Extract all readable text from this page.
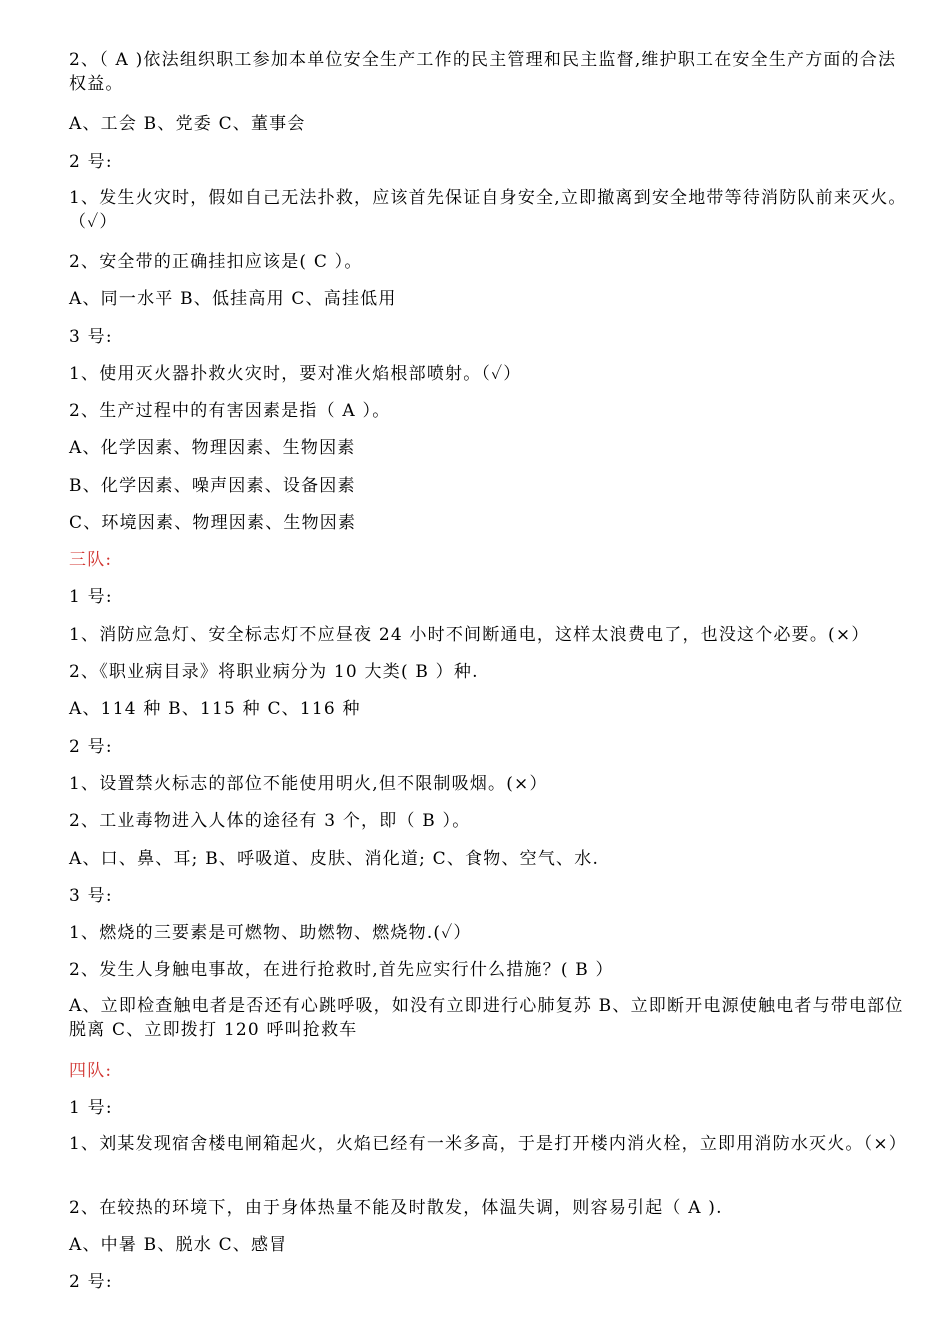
2、（ A )依法组织职工参加本单位安全生产工作的民主管理和民主监督,维护职工在安全生产方面的合法权益。
A、工会 B、党委 C、董事会
2 号:
1、发生火灾时，假如自己无法扑救，应该首先保证自身安全,立即撤离到安全地带等待消防队前来灭火。（✓）
2、安全带的正确挂扣应该是( C ）。
A、同一水平 B、低挂高用 C、高挂低用
3 号:
1、使用灭火器扑救火灾时，要对准火焰根部喷射。（✓）
2、生产过程中的有害因素是指（ A ）。
A、化学因素、物理因素、生物因素
B、化学因素、噪声因素、设备因素
C、环境因素、物理因素、生物因素
三队:
1 号:
1、消防应急灯、安全标志灯不应昼夜 24 小时不间断通电，这样太浪费电了，也没这个必要。(×）
2、《职业病目录》将职业病分为 10 大类( B ）种.
A、114 种 B、115 种 C、116 种
2 号:
1、设置禁火标志的部位不能使用明火,但不限制吸烟。(×）
2、工业毒物进入人体的途径有 3 个，即（ B ）。
A、口、鼻、耳; B、呼吸道、皮肤、消化道; C、食物、空气、水.
3 号:
1、燃烧的三要素是可燃物、助燃物、燃烧物.(✓）
2、发生人身触电事故，在进行抢救时,首先应实行什么措施？( B ）
A、立即检查触电者是否还有心跳呼吸，如没有立即进行心肺复苏 B、立即断开电源使触电者与带电部位脱离 C、立即拨打 120 呼叫抢救车
四队:
1 号:
1、刘某发现宿舍楼电闸箱起火，火焰已经有一米多高，于是打开楼内消火栓，立即用消防水灭火。（×）
2、在较热的环境下，由于身体热量不能及时散发，体温失调，则容易引起（ A ).
A、中暑 B、脱水 C、感冒
2 号:
